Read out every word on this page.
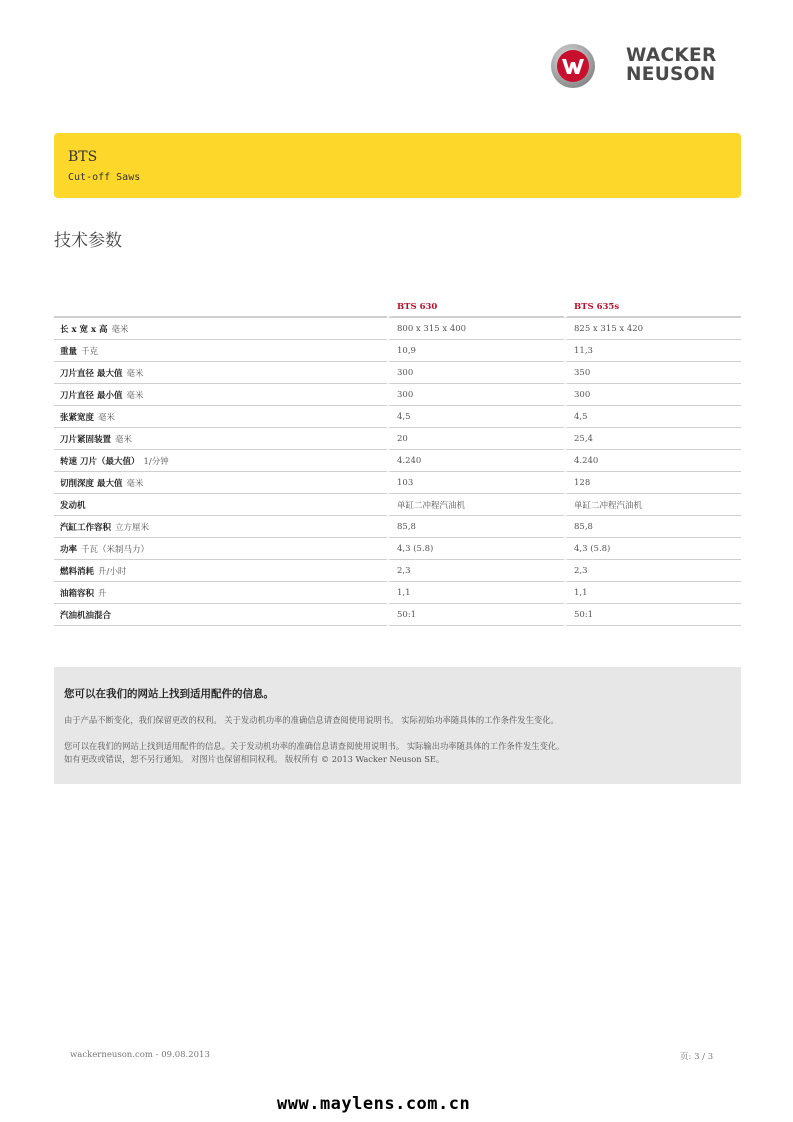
WACKER
NEUSON
BTS
Cut-off Saws
技术参数
	BTS 630	BTS 635s
长 x 宽 x 高 毫米	800 x 315 x 400	825 x 315 x 420
重量 千克	10,9	11,3
刀片直径 最大值 毫米	300	350
刀片直径 最小值 毫米	300	300
张紧宽度 毫米	4,5	4,5
刀片紧固装置 毫米	20	25,4
转速 刀片（最大值） 1/分钟	4.240	4.240
切削深度 最大值 毫米	103	128
发动机	单缸二冲程汽油机	单缸二冲程汽油机
汽缸工作容积 立方厘米	85,8	85,8
功率 千瓦（米制马力）	4,3 (5.8)	4,3 (5.8)
燃料消耗 升/小时	2,3	2,3
油箱容积 升	1,1	1,1
汽油机油混合	50:1	50:1
您可以在我们的网站上找到适用配件的信息。
由于产品不断变化，我们保留更改的权利。 关于发动机功率的准确信息请查阅使用说明书。 实际初始功率随具体的工作条件发生变化。
您可以在我们的网站上找到适用配件的信息。关于发动机功率的准确信息请查阅使用说明书。 实际输出功率随具体的工作条件发生变化。
如有更改或错误，恕不另行通知。 对图片也保留相同权利。 版权所有 © 2013 Wacker Neuson SE。
wackerneuson.com - 09.08.2013	页: 3 / 3
www.maylens.com.cn
